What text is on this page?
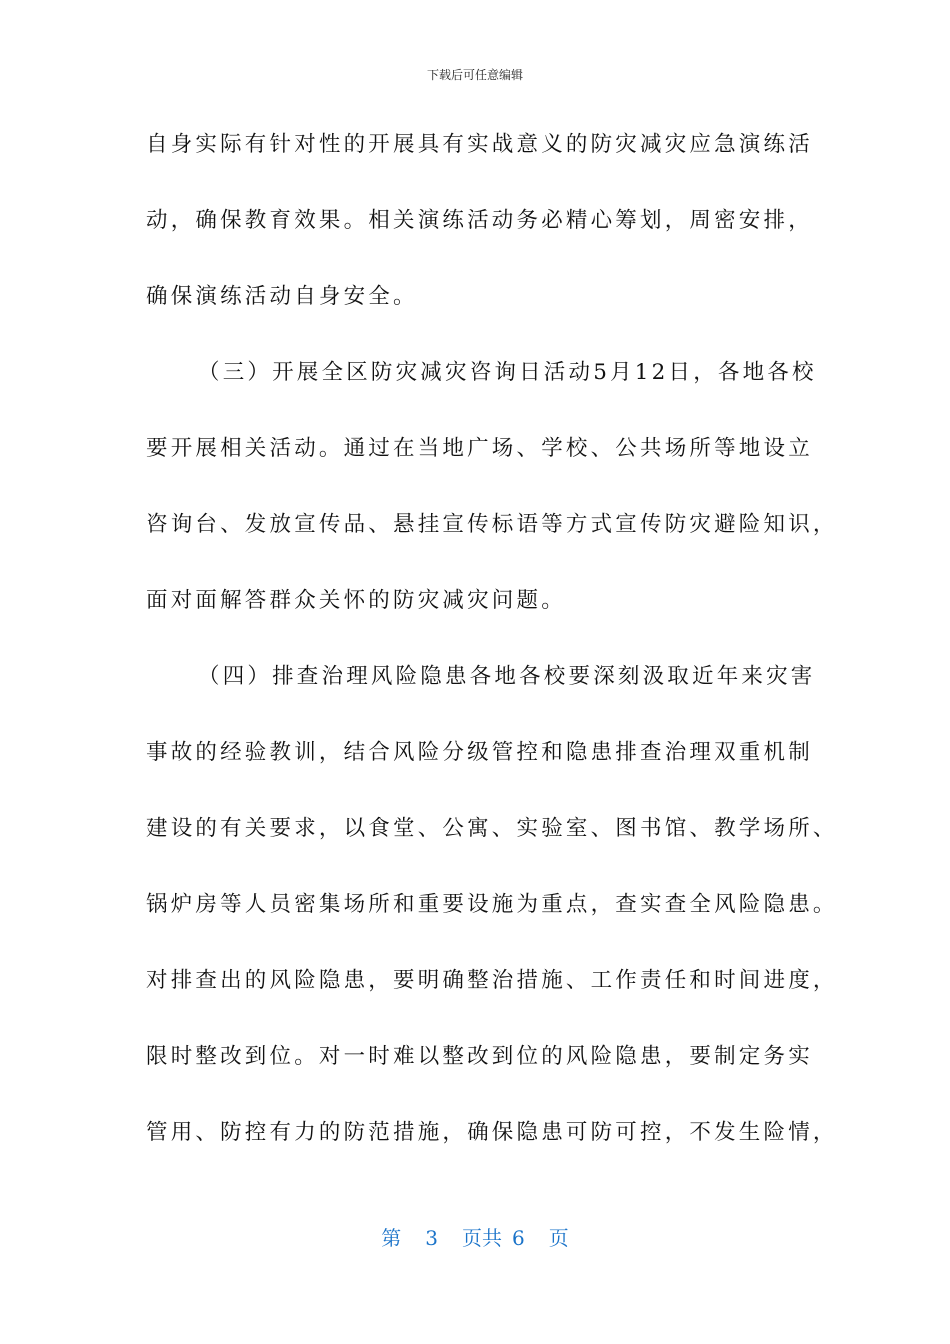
下载后可任意编辑
自身实际有针对性的开展具有实战意义的防灾减灾应急演练活
动，确保教育效果。相关演练活动务必精心筹划，周密安排，
确保演练活动自身安全。
（三）开展全区防灾减灾咨询日活动5月12日，各地各校
要开展相关活动。通过在当地广场、学校、公共场所等地设立
咨询台、发放宣传品、悬挂宣传标语等方式宣传防灾避险知识，
面对面解答群众关怀的防灾减灾问题。
（四）排查治理风险隐患各地各校要深刻汲取近年来灾害
事故的经验教训，结合风险分级管控和隐患排查治理双重机制
建设的有关要求，以食堂、公寓、实验室、图书馆、教学场所、
锅炉房等人员密集场所和重要设施为重点，查实查全风险隐患。
对排查出的风险隐患，要明确整治措施、工作责任和时间进度，
限时整改到位。对一时难以整改到位的风险隐患，要制定务实
管用、防控有力的防范措施，确保隐患可防可控，不发生险情，
第 3 页共 6 页
